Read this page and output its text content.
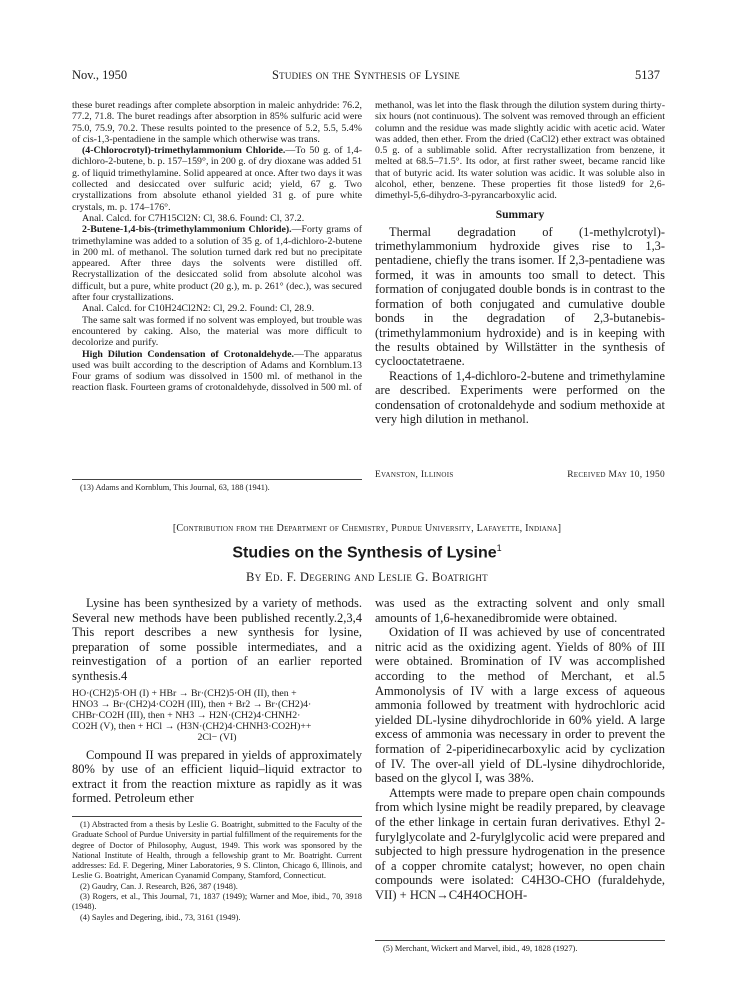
Nov., 1950	Studies on the Synthesis of Lysine	5137

these buret readings after complete absorption in maleic anhydride: 76.2, 77.2, 71.8. The buret readings after absorption in 85% sulfuric acid were 75.0, 75.9, 70.2. These results pointed to the presence of 5.2, 5.5, 5.4% of cis-1,3-pentadiene in the sample which otherwise was trans.

(4-Chlorocrotyl)-trimethylammonium Chloride.—To 50 g. of 1,4-dichloro-2-butene, b. p. 157–159°, in 200 g. of dry dioxane was added 51 g. of liquid trimethylamine. Solid appeared at once. After two days it was collected and desiccated over sulfuric acid; yield, 67 g. Two crystallizations from absolute ethanol yielded 31 g. of pure white crystals, m. p. 174–176°.

Anal. Calcd. for C7H15Cl2N: Cl, 38.6. Found: Cl, 37.2.

2-Butene-1,4-bis-(trimethylammonium Chloride).—Forty grams of trimethylamine was added to a solution of 35 g. of 1,4-dichloro-2-butene in 200 ml. of methanol. The solution turned dark red but no precipitate appeared. After three days the solvents were distilled off. Recrystallization of the desiccated solid from absolute alcohol was difficult, but a pure, white product (20 g.), m. p. 261° (dec.), was secured after four crystallizations.

Anal. Calcd. for C10H24Cl2N2: Cl, 29.2. Found: Cl, 28.9.

The same salt was formed if no solvent was employed, but trouble was encountered by caking. Also, the material was more difficult to decolorize and purify.

High Dilution Condensation of Crotonaldehyde.—The apparatus used was built according to the description of Adams and Kornblum.13 Four grams of sodium was dissolved in 1500 ml. of methanol in the reaction flask. Fourteen grams of crotonaldehyde, dissolved in 500 ml. of

(13) Adams and Kornblum, This Journal, 63, 188 (1941).

methanol, was let into the flask through the dilution system during thirty-six hours (not continuous). The solvent was removed through an efficient column and the residue was made slightly acidic with acetic acid. Water was added, then ether. From the dried (CaCl2) ether extract was obtained 0.5 g. of a sublimable solid. After recrystallization from benzene, it melted at 68.5–71.5°. Its odor, at first rather sweet, became rancid like that of butyric acid. Its water solution was acidic. It was soluble also in alcohol, ether, benzene. These properties fit those listed9 for 2,6-dimethyl-5,6-dihydro-3-pyrancarboxylic acid.

Summary

Thermal degradation of (1-methylcrotyl)-trimethylammonium hydroxide gives rise to 1,3-pentadiene, chiefly the trans isomer. If 2,3-pentadiene was formed, it was in amounts too small to detect. This formation of conjugated double bonds is in contrast to the formation of both conjugated and cumulative double bonds in the degradation of 2,3-butanebis-(trimethylammonium hydroxide) and is in keeping with the results obtained by Willstätter in the synthesis of cyclooctatetraene.

Reactions of 1,4-dichloro-2-butene and trimethylamine are described. Experiments were performed on the condensation of crotonaldehyde and sodium methoxide at very high dilution in methanol.

Evanston, Illinois	Received May 10, 1950
[Contribution from the Department of Chemistry, Purdue University, Lafayette, Indiana]
Studies on the Synthesis of Lysine$^1$
By Ed. F. Degering and Leslie G. Boatright

Lysine has been synthesized by a variety of methods. Several new methods have been published recently.2,3,4 This report describes a new synthesis for lysine, preparation of some possible intermediates, and a reinvestigation of a portion of an earlier reported synthesis.4

HO·(CH2)5·OH (I) + HBr → Br·(CH2)5·OH (II), then +
HNO3 → Br·(CH2)4·CO2H (III), then + Br2 → Br·(CH2)4·
CHBr·CO2H (III), then + NH3 → H2N·(CH2)4·CHNH2·
CO2H (V), then + HCl → (H3N·(CH2)4·CHNH3·CO2H)++
2Cl− (VI)

Compound II was prepared in yields of approximately 80% by use of an efficient liquid–liquid extractor to extract it from the reaction mixture as rapidly as it was formed. Petroleum ether

(1) Abstracted from a thesis by Leslie G. Boatright, submitted to the Faculty of the Graduate School of Purdue University in partial fulfillment of the requirements for the degree of Doctor of Philosophy, August, 1949. This work was sponsored by the National Institute of Health, through a fellowship grant to Mr. Boatright. Current addresses: Ed. F. Degering, Miner Laboratories, 9 S. Clinton, Chicago 6, Illinois, and Leslie G. Boatright, American Cyanamid Company, Stamford, Connecticut.

(2) Gaudry, Can. J. Research, B26, 387 (1948).

(3) Rogers, et al., This Journal, 71, 1837 (1949); Warner and Moe, ibid., 70, 3918 (1948).

(4) Sayles and Degering, ibid., 73, 3161 (1949).

was used as the extracting solvent and only small amounts of 1,6-hexanedibromide were obtained.

Oxidation of II was achieved by use of concentrated nitric acid as the oxidizing agent. Yields of 80% of III were obtained. Bromination of IV was accomplished according to the method of Merchant, et al.5 Ammonolysis of IV with a large excess of aqueous ammonia followed by treatment with hydrochloric acid yielded DL-lysine dihydrochloride in 60% yield. A large excess of ammonia was necessary in order to prevent the formation of 2-piperidinecarboxylic acid by cyclization of IV. The over-all yield of DL-lysine dihydrochloride, based on the glycol I, was 38%.

Attempts were made to prepare open chain compounds from which lysine might be readily prepared, by cleavage of the ether linkage in certain furan derivatives. Ethyl 2-furylglycolate and 2-furylglycolic acid were prepared and subjected to high pressure hydrogenation in the presence of a copper chromite catalyst; however, no open chain compounds were isolated: C4H3O-CHO (furaldehyde, VII) + HCN→C4H4OCHOH-

(5) Merchant, Wickert and Marvel, ibid., 49, 1828 (1927).
